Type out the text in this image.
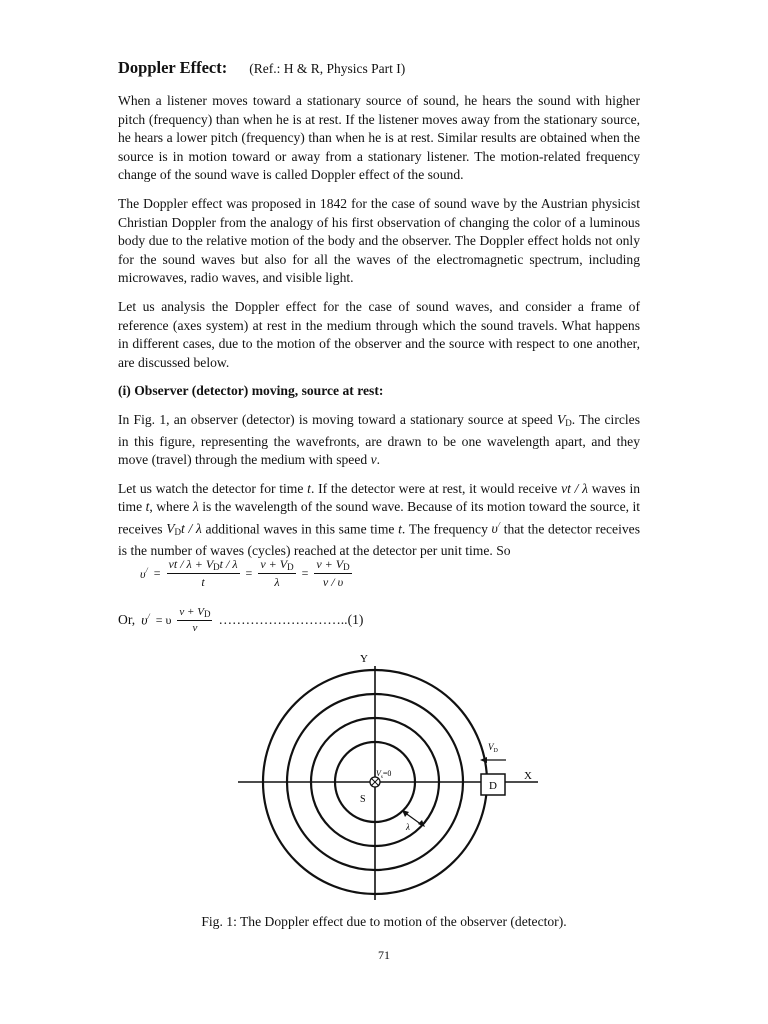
Doppler Effect: (Ref.: H & R, Physics Part I)

When a listener moves toward a stationary source of sound, he hears the sound with higher pitch (frequency) than when he is at rest. If the listener moves away from the stationary source, he hears a lower pitch (frequency) than when he is at rest. Similar results are obtained when the source is in motion toward or away from a stationary listener. The motion-related frequency change of the sound wave is called Doppler effect of the sound.

The Doppler effect was proposed in 1842 for the case of sound wave by the Austrian physicist Christian Doppler from the analogy of his first observation of changing the color of a luminous body due to the relative motion of the body and the observer. The Doppler effect holds not only for the sound waves but also for all the waves of the electromagnetic spectrum, including microwaves, radio waves, and visible light.

Let us analysis the Doppler effect for the case of sound waves, and consider a frame of reference (axes system) at rest in the medium through which the sound travels. What happens in different cases, due to the motion of the observer and the source with respect to one another, are discussed below.

(i) Observer (detector) moving, source at rest:

In Fig. 1, an observer (detector) is moving toward a stationary source at speed $V_D$. The circles in this figure, representing the wavefronts, are drawn to be one wavelength apart, and they move (travel) through the medium with speed v.

Let us watch the detector for time t. If the detector were at rest, it would receive vt / λ waves in time t, where λ is the wavelength of the sound wave. Because of its motion toward the source, it receives $V_Dt$ / λ additional waves in this same time t. The frequency υ/ that the detector receives is the number of waves (cycles) reached at the detector per unit time. So

$\upsilon^/ = \frac{vt / \lambda + V_Dt / \lambda}{t} = \frac{v + V_D}{\lambda} = \frac{v + V_D}{v / \upsilon}$
Or, υ/ = υ $\frac{v + V_D}{v}$ ………………………..(1)
D
$V_D$
Y
X
S
$V_s=0$
λ
Fig. 1: The Doppler effect due to motion of the observer (detector).
71
